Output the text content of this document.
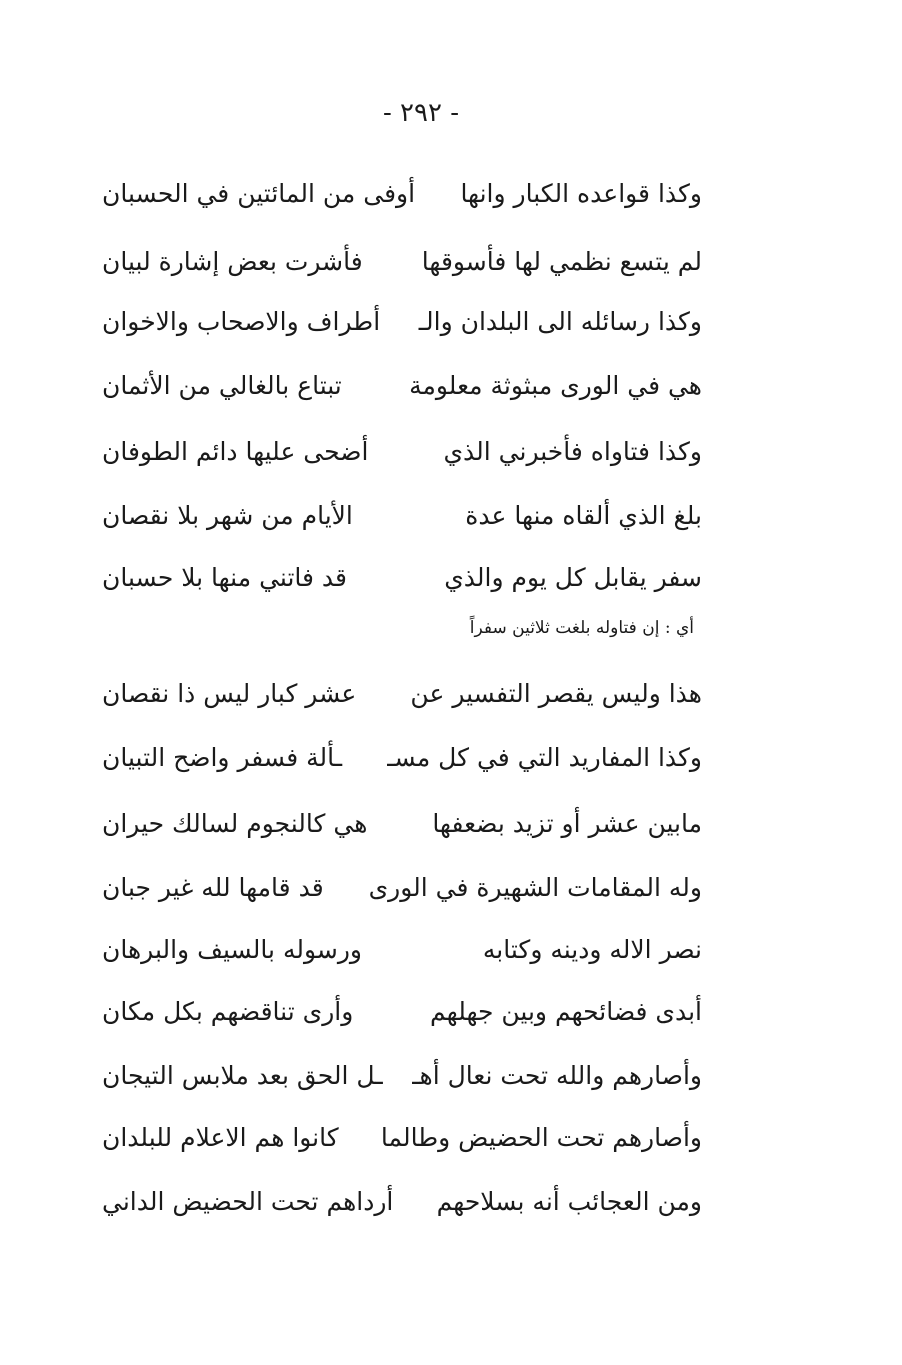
- ٢٩٢ -
وكذا قواعده الكبار وانها
أوفى من المائتين في الحسبان
لم يتسع نظمي لها فأسوقها
فأشرت بعض إشارة لبيان
وكذا رسائله الى البلدان والـ
أطراف والاصحاب والاخوان
هي في الورى مبثوثة معلومة
تبتاع بالغالي من الأثمان
وكذا فتاواه فأخبرني الذي
أضحى عليها دائم الطوفان
بلغ الذي ألقاه منها عدة
الأيام من شهر بلا نقصان
سفر يقابل كل يوم والذي
قد فاتني منها بلا حسبان
أي : إن فتاوله بلغت ثلاثين سفراً
هذا وليس يقصر التفسير عن
عشر كبار ليس ذا نقصان
وكذا المفاريد التي في كل مسـ
ـألة فسفر واضح التبيان
مابين عشر أو تزيد بضعفها
هي كالنجوم لسالك حيران
وله المقامات الشهيرة في الورى
قد قامها لله غير جبان
نصر الاله ودينه وكتابه
ورسوله بالسيف والبرهان
أبدى فضائحهم وبين جهلهم
وأرى تناقضهم بكل مكان
وأصارهم والله تحت نعال أهـ
ـل الحق بعد ملابس التيجان
وأصارهم تحت الحضيض وطالما
كانوا هم الاعلام للبلدان
ومن العجائب أنه بسلاحهم
أرداهم تحت الحضيض الداني
